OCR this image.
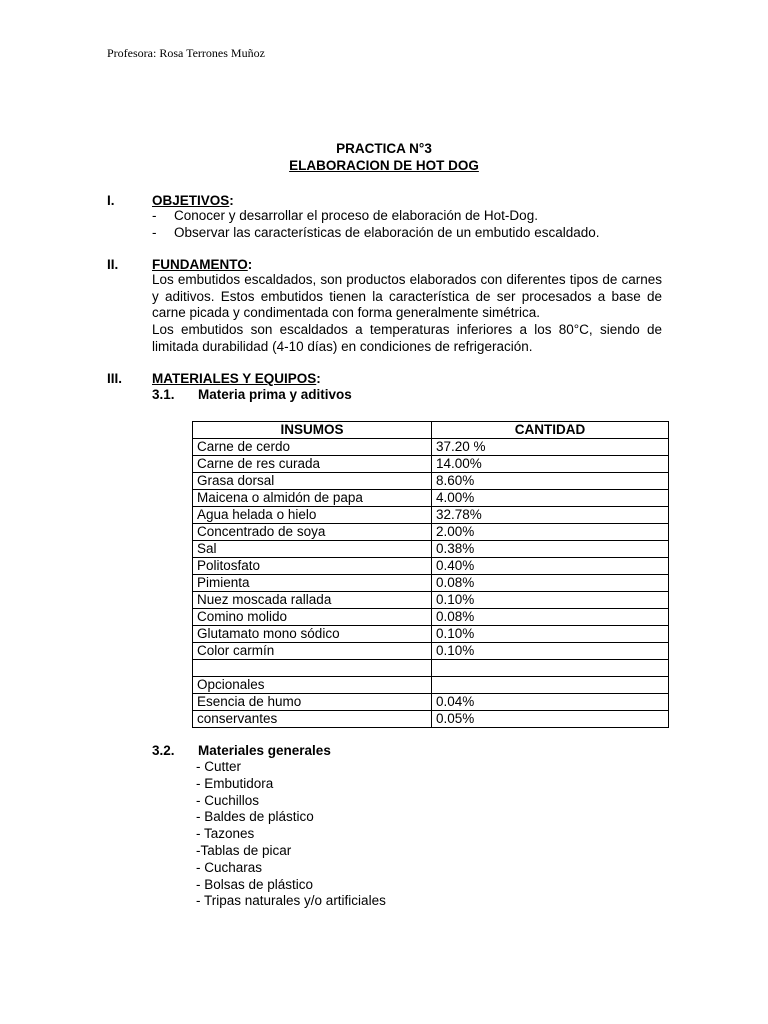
Profesora: Rosa Terrones Muñoz
PRACTICA N°3
ELABORACION DE HOT DOG
I.	OBJETIVOS:
- Conocer y desarrollar el proceso de elaboración de Hot-Dog.
- Observar las características de elaboración de un embutido escaldado.
II. FUNDAMENTO:

Los embutidos escaldados, son productos elaborados con diferentes tipos de carnes y aditivos. Estos embutidos tienen la característica de ser procesados a base de carne picada y condimentada con forma generalmente simétrica.

Los embutidos son escaldados a temperaturas inferiores a los 80°C, siendo de limitada durabilidad (4-10 días) en condiciones de refrigeración.

III. MATERIALES Y EQUIPOS:
3.1. Materia prima y aditivos
INSUMOS	CANTIDAD
Carne de cerdo	37.20 %
Carne de res curada	14.00%
Grasa dorsal	8.60%
Maicena o almidón de papa	4.00%
Agua helada o hielo	32.78%
Concentrado de soya	2.00%
Sal	0.38%
Politosfato	0.40%
Pimienta	0.08%
Nuez moscada rallada	0.10%
Comino molido	0.08%
Glutamato mono sódico	0.10%
Color carmín	0.10%

Opcionales	
Esencia de humo	0.04%
conservantes	0.05%
3.2. Materiales generales
- Cutter
- Embutidora
- Cuchillos
- Baldes de plástico
- Tazones
-Tablas de picar
- Cucharas
- Bolsas de plástico
- Tripas naturales y/o artificiales
